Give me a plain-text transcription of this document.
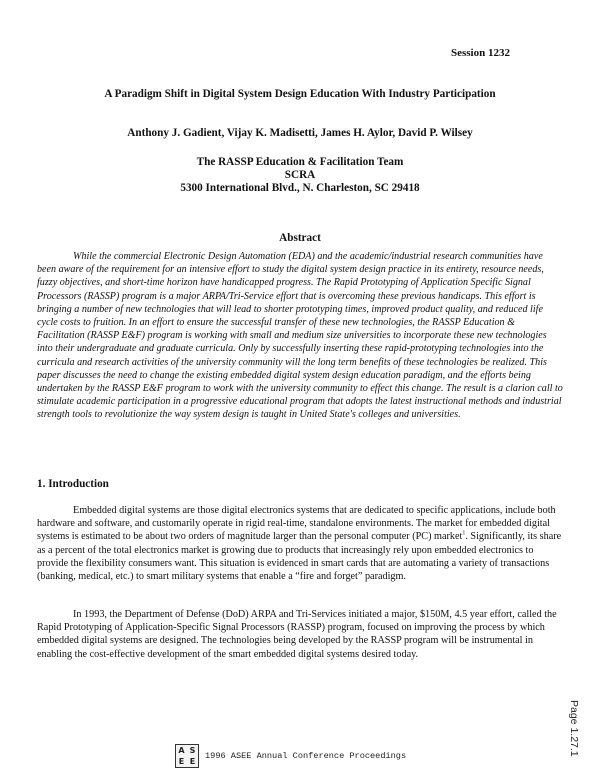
Session 1232
A Paradigm Shift in Digital System Design Education With Industry Participation
Anthony J. Gadient, Vijay K. Madisetti, James H. Aylor, David P. Wilsey
The RASSP Education & Facilitation Team
SCRA
5300 International Blvd., N. Charleston, SC 29418
Abstract
While the commercial Electronic Design Automation (EDA) and the academic/industrial research communities have been aware of the requirement for an intensive effort to study the digital system design practice in its entirety, resource needs, fuzzy objectives, and short-time horizon have handicapped progress. The Rapid Prototyping of Application Specific Signal Processors (RASSP) program is a major ARPA/Tri-Service effort that is overcoming these previous handicaps. This effort is bringing a number of new technologies that will lead to shorter prototyping times, improved product quality, and reduced life cycle costs to fruition. In an effort to ensure the successful transfer of these new technologies, the RASSP Education & Facilitation (RASSP E&F) program is working with small and medium size universities to incorporate these new technologies into their undergraduate and graduate curricula. Only by successfully inserting these rapid-prototyping technologies into the curricula and research activities of the university community will the long term benefits of these technologies be realized. This paper discusses the need to change the existing embedded digital system design education paradigm, and the efforts being undertaken by the RASSP E&F program to work with the university community to effect this change. The result is a clarion call to stimulate academic participation in a progressive educational program that adopts the latest instructional methods and industrial strength tools to revolutionize the way system design is taught in United State's colleges and universities.
1. Introduction
Embedded digital systems are those digital electronics systems that are dedicated to specific applications, include both hardware and software, and customarily operate in rigid real-time, standalone environments. The market for embedded digital systems is estimated to be about two orders of magnitude larger than the personal computer (PC) market$^1$. Significantly, its share as a percent of the total electronics market is growing due to products that increasingly rely upon embedded electronics to provide the flexibility consumers want. This situation is evidenced in smart cards that are automating a variety of transactions (banking, medical, etc.) to smart military systems that enable a “fire and forget” paradigm.
In 1993, the Department of Defense (DoD) ARPA and Tri-Services initiated a major, $150M, 4.5 year effort, called the Rapid Prototyping of Application-Specific Signal Processors (RASSP) program, focused on improving the process by which embedded digital systems are designed. The technologies being developed by the RASSP program will be instrumental in enabling the cost-effective development of the smart embedded digital systems desired today.
A S
E E
1996 ASEE Annual Conference Proceedings	Page 1.27.1
